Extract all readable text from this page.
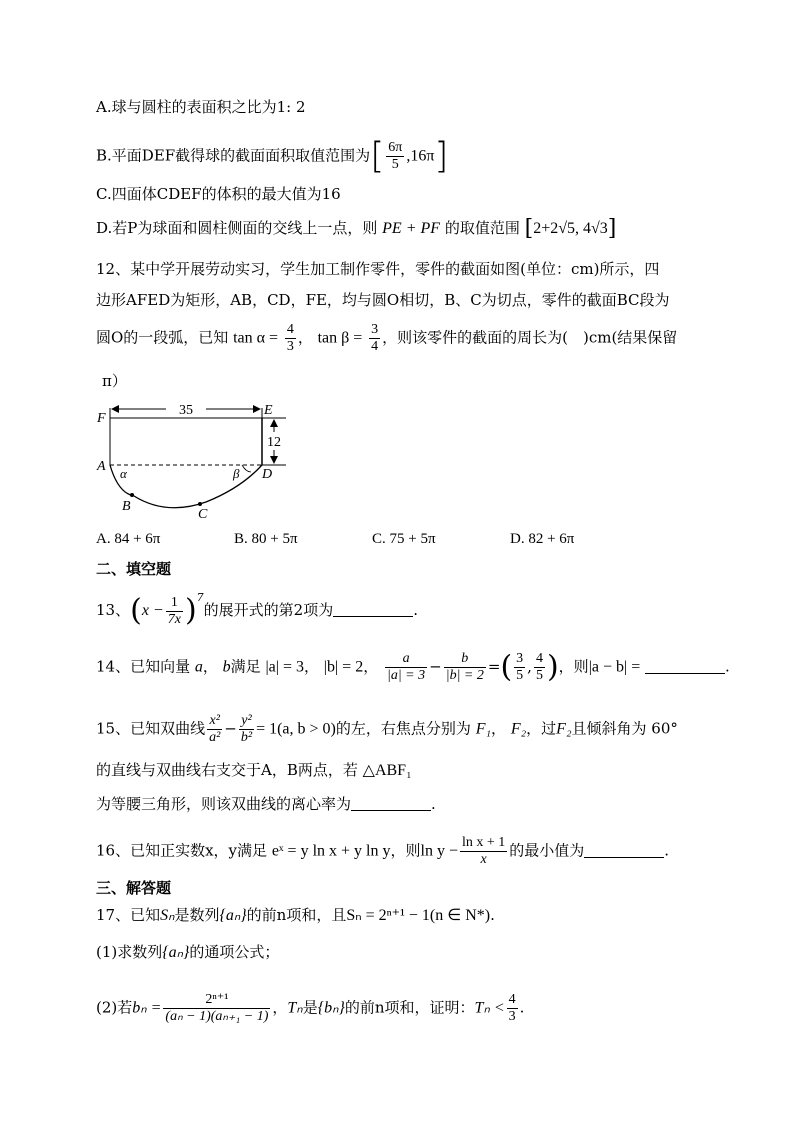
A.球与圆柱的表面积之比为1: 2
B.平面DEF截得球的截面面积取值范围为[ $\frac{6\pi}{5} ,16\pi$]
C.四面体CDEF的体积的最大值为16
D.若P为球面和圆柱侧面的交线上一点，则 PE + PF 的取值范围 [2+2√5, 4√3]
12、某中学开展劳动实习，学生加工制作零件，零件的截面如图(单位：cm)所示，四
边形AFED为矩形，AB，CD，FE，均与圆O相切，B、C为切点，零件的截面BC段为
圆O的一段弧，已知 $\tan \alpha = \frac{4}{3}$ ， $\tan \beta = \frac{3}{4}$ ，则该零件的截面的周长为(　)cm(结果保留
π）
35
12
F
E
A
D
α	β
B
C
A. 84 + 6π	B. 80 + 5π	C. 75 + 5π	D. 82 + 6π
二、填空题
13、$(x - \frac{1}{7x} )^7$的展开式的第2项为	.
14、已知向量 a， b满足 |a| = 3， |b| = 2， $\frac{a}{|a| = 3} - \frac{b}{|b| = 2}$ =( $\frac{3}{5}$ , $\frac{4}{5}$ )，则|a − b| =	.
15、已知双曲线 $\frac{\text{x²}}{\text{a²}} - \frac{\text{y²}}{\text{b²}} = 1(a$, b > 0)的左，右焦点分别为 F₁， F₂，过F₂且倾斜角为 60°
的直线与双曲线右支交于A，B两点，若 △ABF₁
为等腰三角形，则该双曲线的离心率为	.
16、已知正实数x，y满足 eˣ = y ln x + y ln y，则$\ln y - \frac{\text{ln x + 1}}{x}$ 的最小值为	.
三、解答题
17、已知Sₙ是数列{aₙ}的前n项和，且Sₙ = 2ⁿ⁺¹ − 1(n ∈ N*).
(1)求数列{aₙ}的通项公式；
(2)若$b_n = \frac{\text{2ⁿ⁺¹}}{\text{(aₙ − 1)(aₙ₊₁ − 1)}}$ ，Tₙ是{bₙ}的前n项和，证明：$T_n < \frac{4}{3}$ .
